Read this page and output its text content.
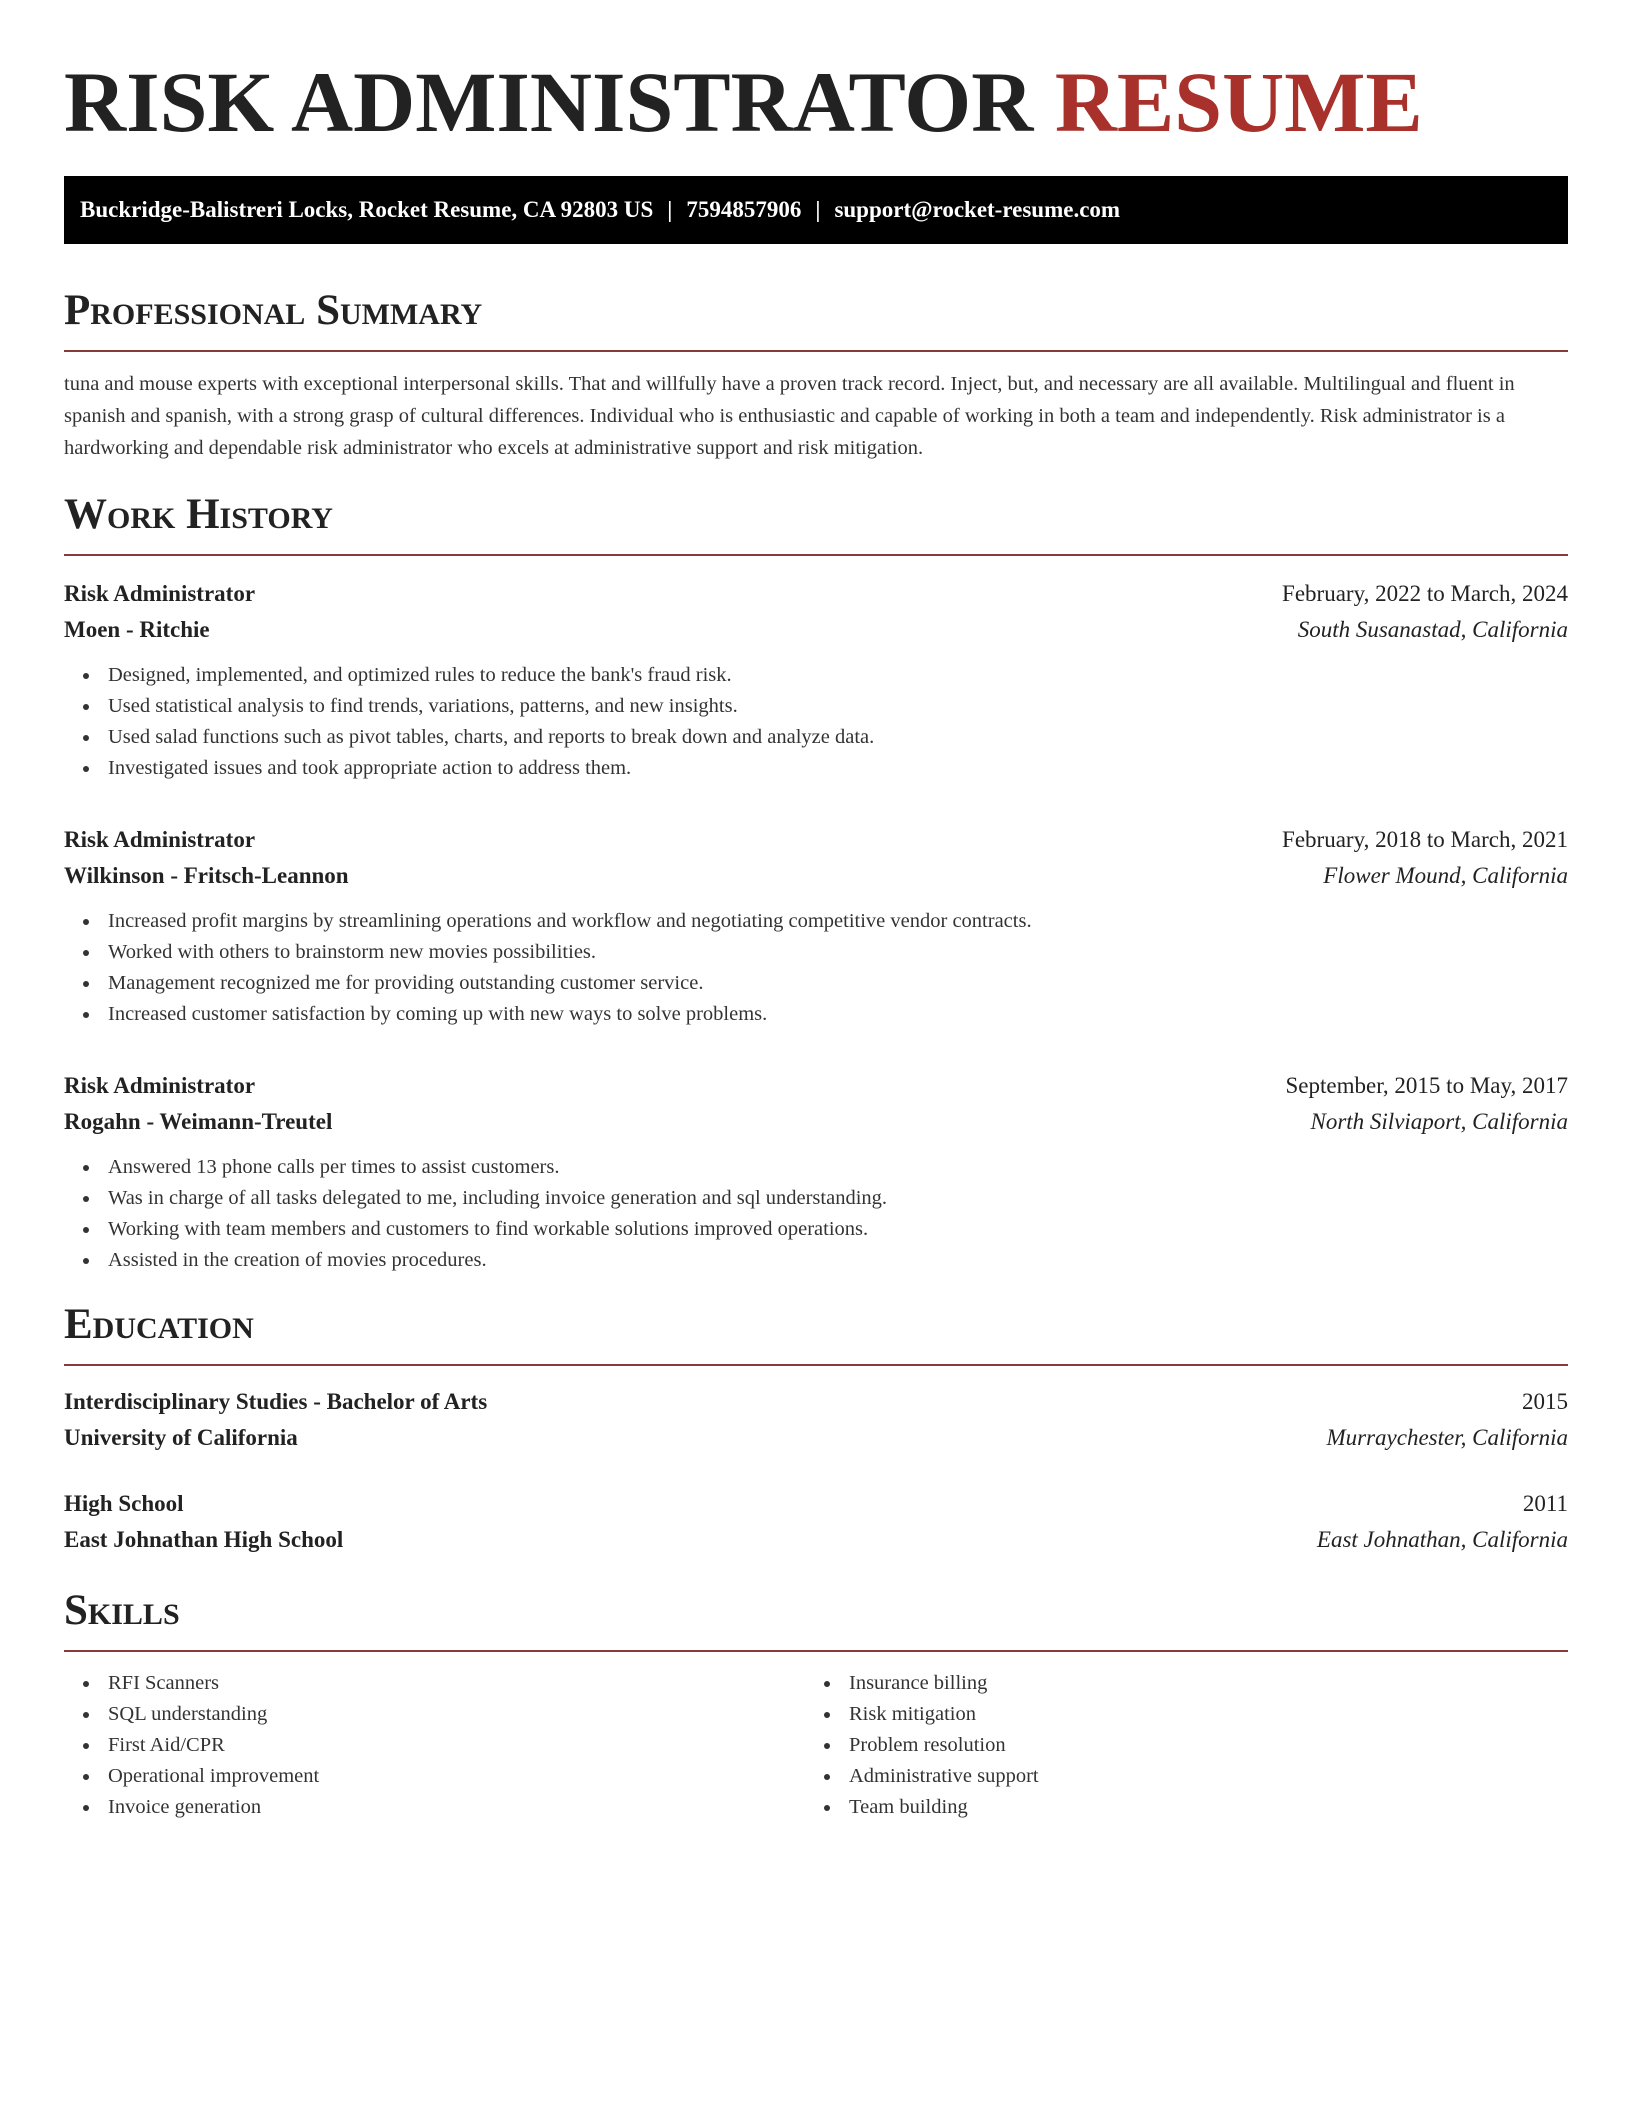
RISK ADMINISTRATOR RESUME
Buckridge-Balistreri Locks, Rocket Resume, CA 92803 US | 7594857906 | support@rocket-resume.com
Professional Summary

tuna and mouse experts with exceptional interpersonal skills. That and willfully have a proven track record. Inject, but, and necessary are all available. Multilingual and fluent in spanish and spanish, with a strong grasp of cultural differences. Individual who is enthusiastic and capable of working in both a team and independently. Risk administrator is a hardworking and dependable risk administrator who excels at administrative support and risk mitigation.

Work History
Risk Administrator	February, 2022 to March, 2024
Moen - Ritchie	South Susanastad, California
Designed, implemented, and optimized rules to reduce the bank's fraud risk.
Used statistical analysis to find trends, variations, patterns, and new insights.
Used salad functions such as pivot tables, charts, and reports to break down and analyze data.
Investigated issues and took appropriate action to address them.
Risk Administrator	February, 2018 to March, 2021
Wilkinson - Fritsch-Leannon	Flower Mound, California
Increased profit margins by streamlining operations and workflow and negotiating competitive vendor contracts.
Worked with others to brainstorm new movies possibilities.
Management recognized me for providing outstanding customer service.
Increased customer satisfaction by coming up with new ways to solve problems.
Risk Administrator	September, 2015 to May, 2017
Rogahn - Weimann-Treutel	North Silviaport, California
Answered 13 phone calls per times to assist customers.
Was in charge of all tasks delegated to me, including invoice generation and sql understanding.
Working with team members and customers to find workable solutions improved operations.
Assisted in the creation of movies procedures.
Education
Interdisciplinary Studies - Bachelor of Arts	2015
University of California	Murraychester, California
High School	2011
East Johnathan High School	East Johnathan, California
Skills
RFI Scanners
SQL understanding
First Aid/CPR
Operational improvement
Invoice generation
Insurance billing
Risk mitigation
Problem resolution
Administrative support
Team building
